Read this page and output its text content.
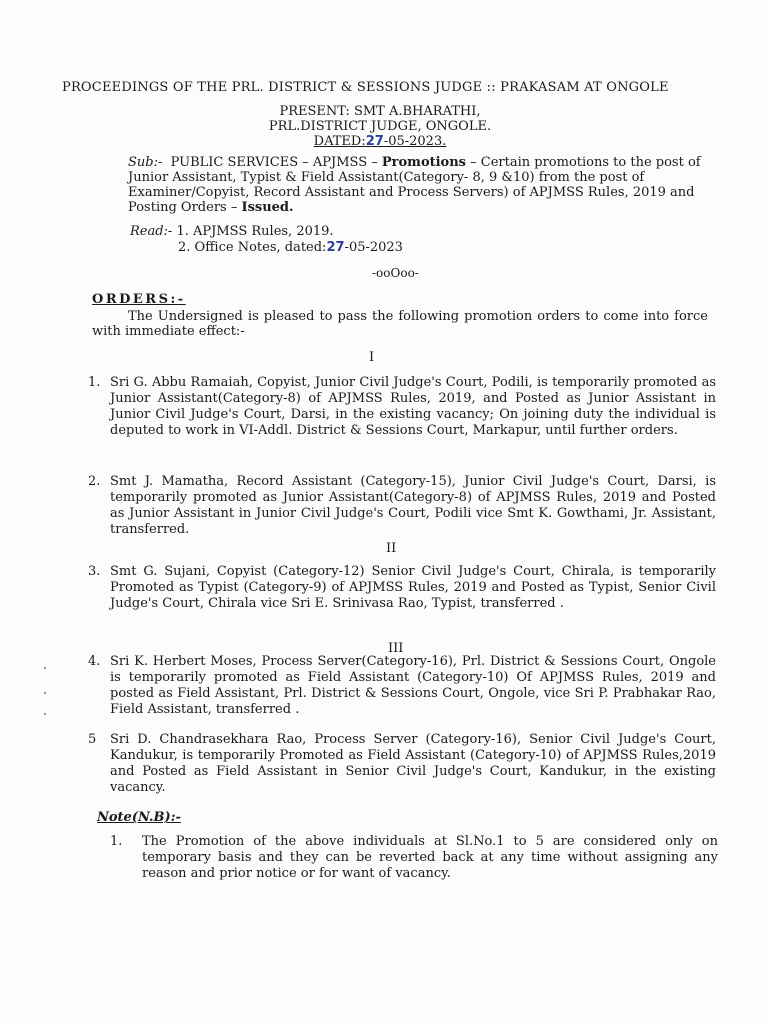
PROCEEDINGS OF THE PRL. DISTRICT & SESSIONS JUDGE :: PRAKASAM AT ONGOLE
PRESENT: SMT A.BHARATHI,
PRL.DISTRICT JUDGE, ONGOLE.
DATED:27-05-2023.
Sub:- PUBLIC SERVICES – APJMSS – Promotions – Certain promotions to the post of Junior Assistant, Typist & Field Assistant(Category- 8, 9 &10) from the post of Examiner/Copyist, Record Assistant and Process Servers) of APJMSS Rules, 2019 and Posting Orders – Issued.
Read:- 1. APJMSS Rules, 2019.
2. Office Notes, dated:27-05-2023
-ooOoo-
ORDERS:-
The Undersigned is pleased to pass the following promotion orders to come into force with immediate effect:-
I
1. Sri G. Abbu Ramaiah, Copyist, Junior Civil Judge's Court, Podili, is temporarily promoted as Junior Assistant(Category-8) of APJMSS Rules, 2019, and Posted as Junior Assistant in Junior Civil Judge's Court, Darsi, in the existing vacancy; On joining duty the individual is deputed to work in VI-Addl. District & Sessions Court, Markapur, until further orders.
2. Smt J. Mamatha, Record Assistant (Category-15), Junior Civil Judge's Court, Darsi, is temporarily promoted as Junior Assistant(Category-8) of APJMSS Rules, 2019 and Posted as Junior Assistant in Junior Civil Judge's Court, Podili vice Smt K. Gowthami, Jr. Assistant, transferred.
II
3. Smt G. Sujani, Copyist (Category-12) Senior Civil Judge's Court, Chirala, is temporarily Promoted as Typist (Category-9) of APJMSS Rules, 2019 and Posted as Typist, Senior Civil Judge's Court, Chirala vice Sri E. Srinivasa Rao, Typist, transferred .
III
4. Sri K. Herbert Moses, Process Server(Category-16), Prl. District & Sessions Court, Ongole is temporarily promoted as Field Assistant (Category-10) Of APJMSS Rules, 2019 and posted as Field Assistant, Prl. District & Sessions Court, Ongole, vice Sri P. Prabhakar Rao, Field Assistant, transferred .
5	Sri D. Chandrasekhara Rao, Process Server (Category-16), Senior Civil Judge's Court, Kandukur, is temporarily Promoted as Field Assistant (Category-10) of APJMSS Rules,2019 and Posted as Field Assistant in Senior Civil Judge's Court, Kandukur, in the existing vacancy.
Note(N.B):-
1.	The Promotion of the above individuals at Sl.No.1 to 5 are considered only on temporary basis and they can be reverted back at any time without assigning any reason and prior notice or for want of vacancy.
